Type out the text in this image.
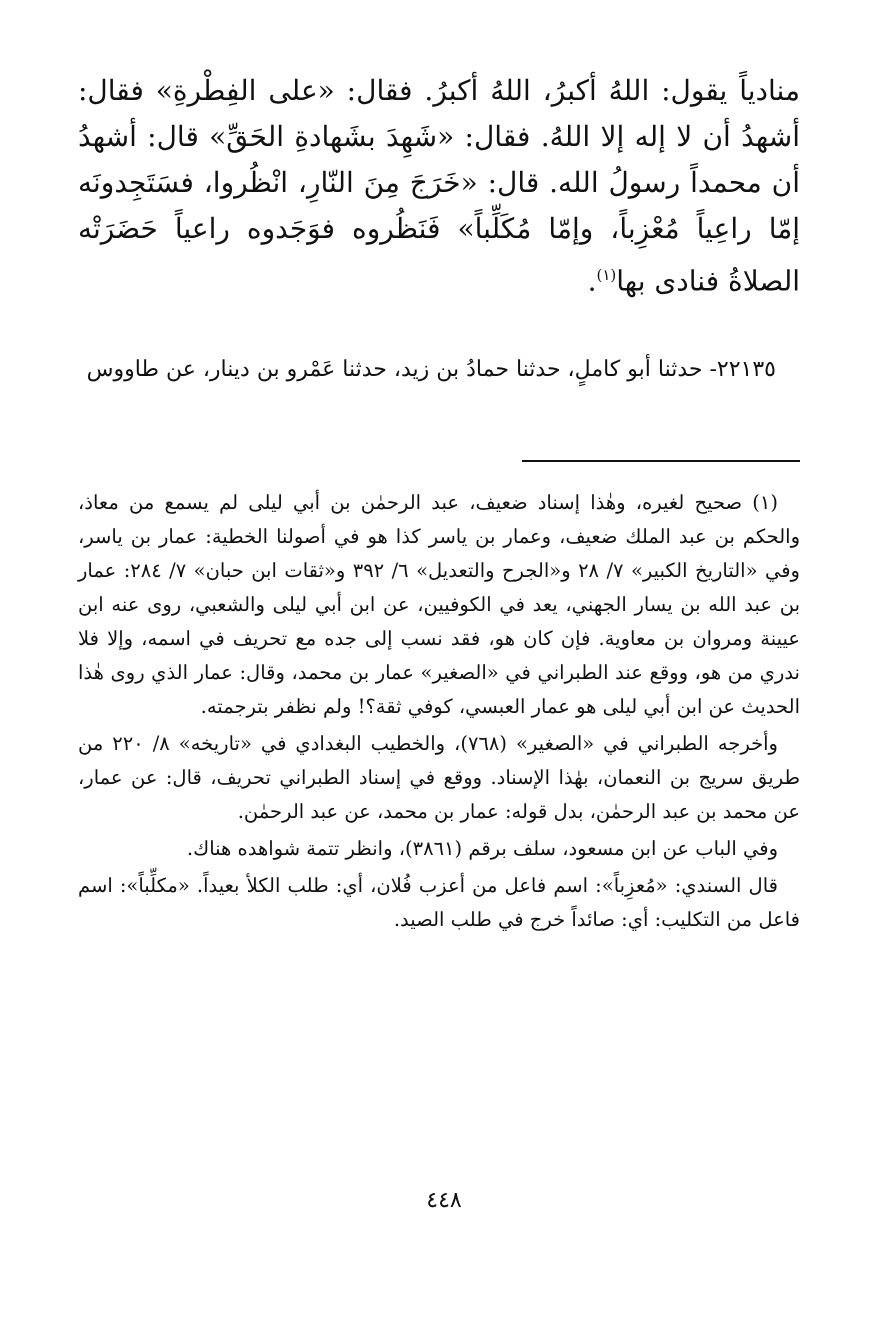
منادياً يقول: اللهُ أكبرُ، اللهُ أكبرُ. فقال: «على الفِطْرةِ» فقال: أشهدُ أن لا إله إلا اللهُ. فقال: «شَهِدَ بشَهادةِ الحَقِّ» قال: أشهدُ أن محمداً رسولُ الله. قال: «خَرَجَ مِنَ النّارِ، انْظُروا، فسَتَجِدونَه إمّا راعِياً مُعْزِباً، وإمّا مُكَلِّباً» فَنَظُروه فوَجَدوه راعياً حَضَرَتْه الصلاةُ فنادى بها$^{(١)}$.

٢٢١٣٥- حدثنا أبو كاملٍ، حدثنا حمادُ بن زيد، حدثنا عَمْرو بن دينار، عن طاووس

(١) صحيح لغيره، وهٰذا إسناد ضعيف، عبد الرحمٰن بن أبي ليلى لم يسمع من معاذ، والحكم بن عبد الملك ضعيف، وعمار بن ياسر كذا هو في أصولنا الخطية: عمار بن ياسر، وفي «التاريخ الكبير» ٧/ ٢٨ و«الجرح والتعديل» ٦/ ٣٩٢ و«ثقات ابن حبان» ٧/ ٢٨٤: عمار بن عبد الله بن يسار الجهني، يعد في الكوفيين، عن ابن أبي ليلى والشعبي، روى عنه ابن عيينة ومروان بن معاوية. فإن كان هو، فقد نسب إلى جده مع تحريف في اسمه، وإلا فلا ندري من هو، ووقع عند الطبراني في «الصغير» عمار بن محمد، وقال: عمار الذي روى هٰذا الحديث عن ابن أبي ليلى هو عمار العبسي، كوفي ثقة؟! ولم نظفر بترجمته.

وأخرجه الطبراني في «الصغير» (٧٦٨)، والخطيب البغدادي في «تاريخه» ٨/ ٢٢٠ من طريق سريج بن النعمان، بهٰذا الإسناد. ووقع في إسناد الطبراني تحريف، قال: عن عمار، عن محمد بن عبد الرحمٰن، بدل قوله: عمار بن محمد، عن عبد الرحمٰن.

وفي الباب عن ابن مسعود، سلف برقم (٣٨٦١)، وانظر تتمة شواهده هناك.

قال السندي: «مُعزِباً»: اسم فاعل من أعزب فُلان، أي: طلب الكلأ بعيداً. «مكلِّباً»: اسم فاعل من التكليب: أي: صائداً خرج في طلب الصيد.

٤٤٨
